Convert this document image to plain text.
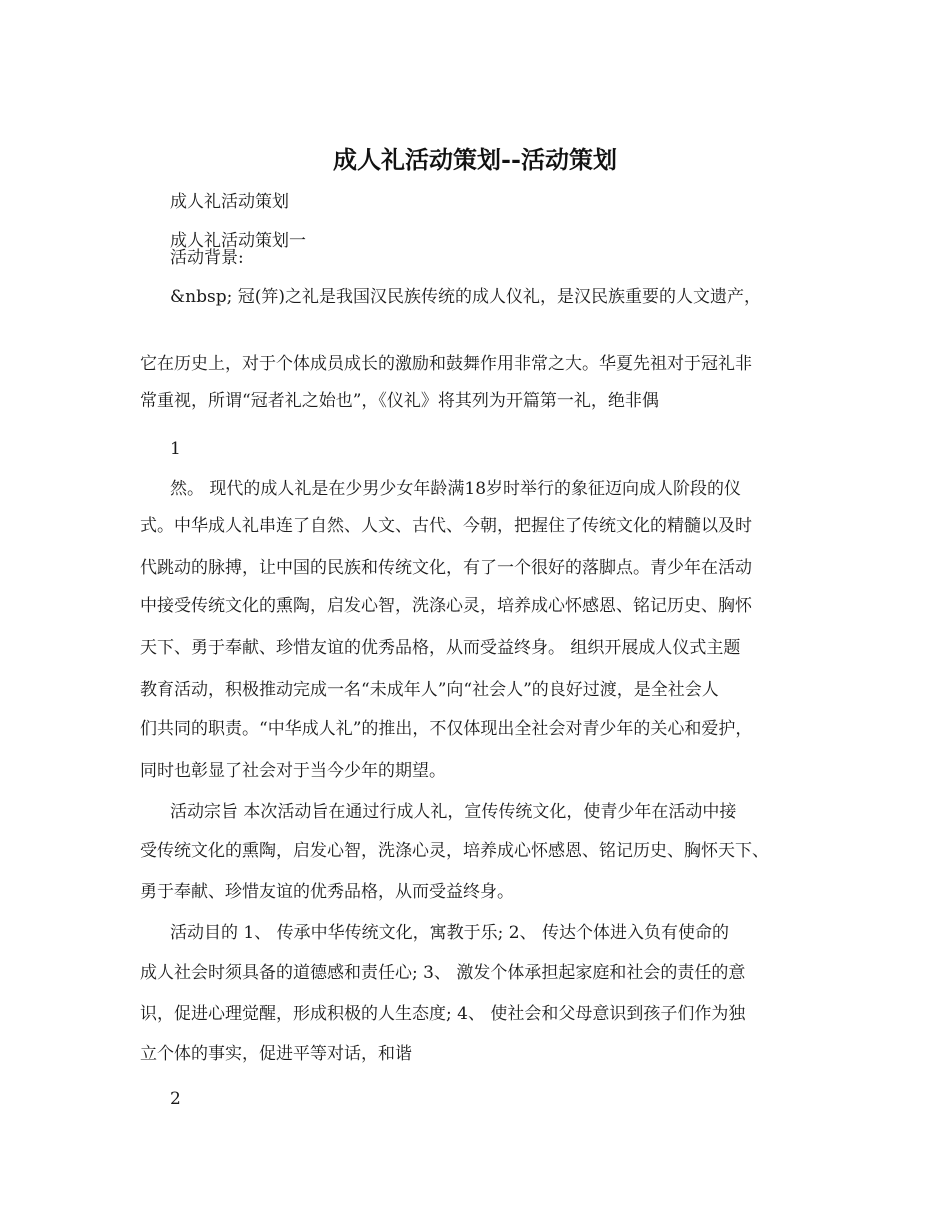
成人礼活动策划--活动策划
成人礼活动策划
成人礼活动策划一
活动背景:
&nbsp; 冠(笄)之礼是我国汉民族传统的成人仪礼，是汉民族重要的人文遗产，
它在历史上，对于个体成员成长的激励和鼓舞作用非常之大。华夏先祖对于冠礼非
常重视，所谓“冠者礼之始也”，《仪礼》将其列为开篇第一礼，绝非偶
1
然。 现代的成人礼是在少男少女年龄满18岁时举行的象征迈向成人阶段的仪
式。中华成人礼串连了自然、人文、古代、今朝，把握住了传统文化的精髓以及时
代跳动的脉搏，让中国的民族和传统文化，有了一个很好的落脚点。青少年在活动
中接受传统文化的熏陶，启发心智，洗涤心灵，培养成心怀感恩、铭记历史、胸怀
天下、勇于奉献、珍惜友谊的优秀品格，从而受益终身。 组织开展成人仪式主题
教育活动，积极推动完成一名“未成年人”向“社会人”的良好过渡，是全社会人
们共同的职责。“中华成人礼”的推出，不仅体现出全社会对青少年的关心和爱护，
同时也彰显了社会对于当今少年的期望。
活动宗旨 本次活动旨在通过行成人礼，宣传传统文化，使青少年在活动中接
受传统文化的熏陶，启发心智，洗涤心灵，培养成心怀感恩、铭记历史、胸怀天下、
勇于奉献、珍惜友谊的优秀品格，从而受益终身。
活动目的 1、 传承中华传统文化，寓教于乐; 2、 传达个体进入负有使命的
成人社会时须具备的道德感和责任心; 3、 激发个体承担起家庭和社会的责任的意
识，促进心理觉醒，形成积极的人生态度; 4、 使社会和父母意识到孩子们作为独
立个体的事实，促进平等对话，和谐
2
